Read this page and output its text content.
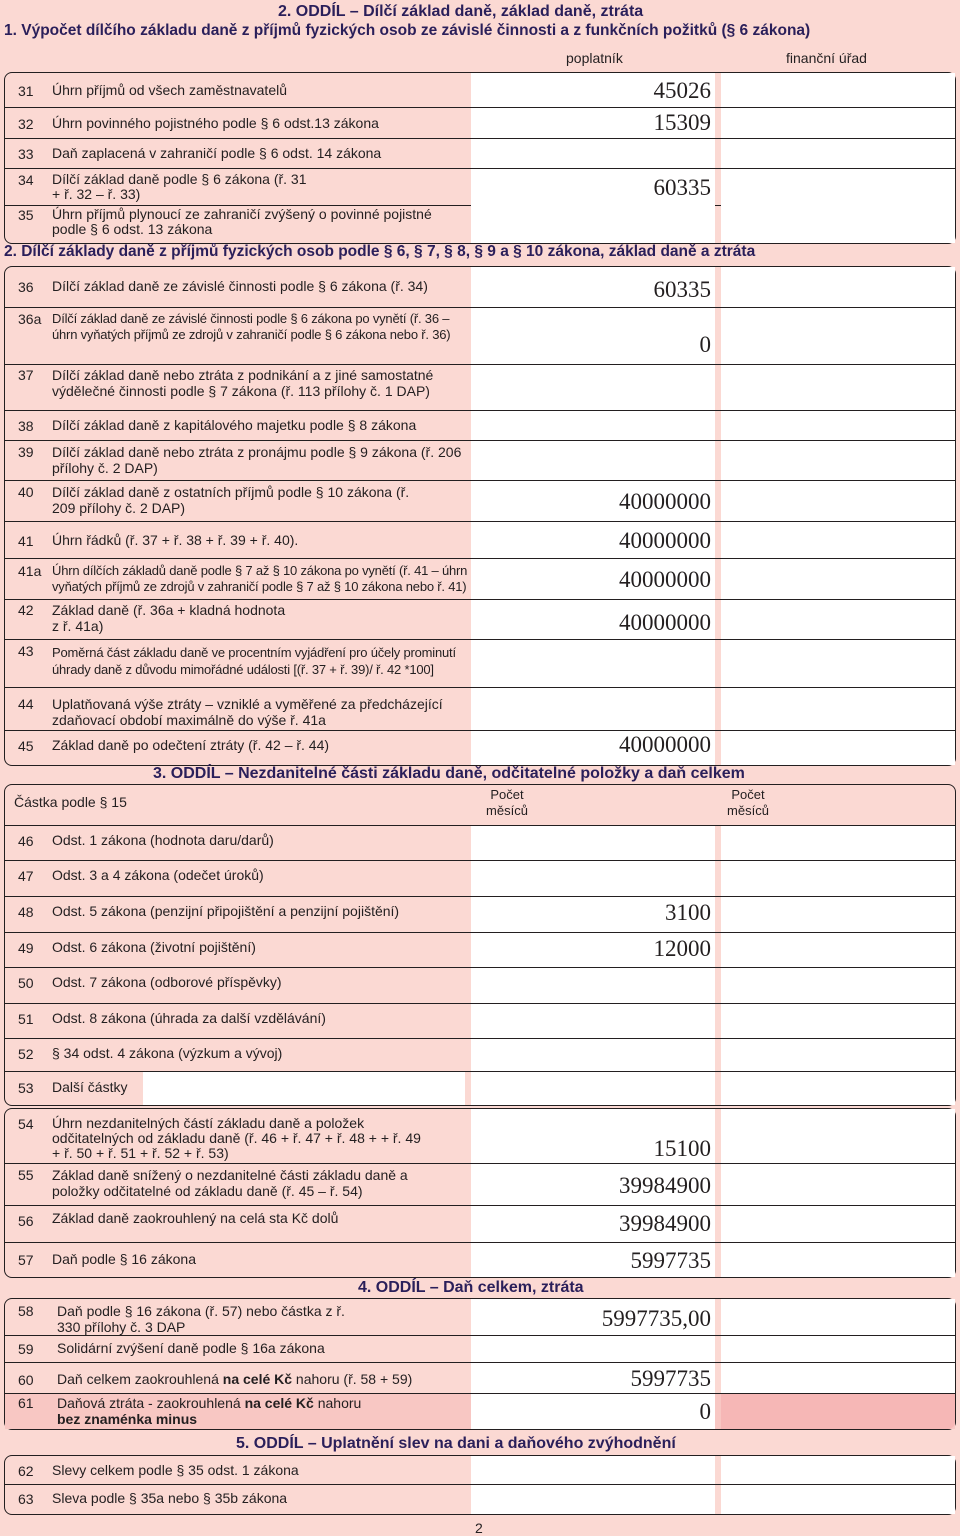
2. ODDÍL – Dílčí základ daně, základ daně, ztráta
1. Výpočet dílčího základu daně z příjmů fyzických osob ze závislé činnosti a z funkčních požitků (§ 6 zákona)
poplatník	finanční úřad
31 Úhrn příjmů od všech zaměstnavatelů
32 Úhrn povinného pojistného podle § 6 odst.13 zákona
33 Daň zaplacená v zahraničí podle § 6 odst. 14 zákona
34 Dílčí základ daně podle § 6 zákona (ř. 31 + ř. 32 – ř. 33)
35 Úhrn příjmů plynoucí ze zahraničí zvýšený o povinné pojistné podle § 6 odst. 13 zákona
45026
15309
60335
2. Dílčí základy daně z příjmů fyzických osob podle § 6, § 7, § 8, § 9 a § 10 zákona, základ daně a ztráta
36 Dílčí základ daně ze závislé činnosti podle § 6 zákona (ř. 34)
36a Dílčí základ daně ze závislé činnosti podle § 6 zákona po vynětí (ř. 36 – úhrn vyňatých příjmů ze zdrojů v zahraničí podle § 6 zákona nebo ř. 36)
37 Dílčí základ daně nebo ztráta z podnikání a z jiné samostatné výdělečné činnosti podle § 7 zákona (ř. 113 přílohy č. 1 DAP)
38 Dílčí základ daně z kapitálového majetku podle § 8 zákona
39 Dílčí základ daně nebo ztráta z pronájmu podle § 9 zákona (ř. 206 přílohy č. 2 DAP)
40 Dílčí základ daně z ostatních příjmů podle § 10 zákona (ř. 209 přílohy č. 2 DAP)
41 Úhrn řádků (ř. 37 + ř. 38 + ř. 39 + ř. 40).
41a Úhrn dílčích základů daně podle § 7 až § 10 zákona po vynětí (ř. 41 – úhrn vyňatých příjmů ze zdrojů v zahraničí podle § 7 až § 10 zákona nebo ř. 41)
42 Základ daně (ř. 36a + kladná hodnota z ř. 41a)
43 Poměrná část základu daně ve procentním vyjádření pro účely prominutí úhrady daně z důvodu mimořádné události [(ř. 37 + ř. 39)/ ř. 42 *100]
44 Uplatňovaná výše ztráty – vzniklé a vyměřené za předcházející zdaňovací období maximálně do výše ř. 41a
45 Základ daně po odečtení ztráty (ř. 42 – ř. 44)
60335
0
40000000
40000000
40000000
40000000
40000000
3. ODDÍL – Nezdanitelné části základu daně, odčitatelné položky a daň celkem
Částka podle § 15	Počet měsíců
Počet měsíců
46 Odst. 1 zákona (hodnota daru/darů)
47 Odst. 3 a 4 zákona (odečet úroků)
48 Odst. 5 zákona (penzijní připojištění a penzijní pojištění)
49 Odst. 6 zákona (životní pojištění)
50 Odst. 7 zákona (odborové příspěvky)
51 Odst. 8 zákona (úhrada za další vzdělávání)
52 § 34 odst. 4 zákona (výzkum a vývoj)
53 Další částky
3100
12000
54 Úhrn nezdanitelných částí základu daně a položek odčitatelných od základu daně (ř. 46 + ř. 47 + ř. 48 + + ř. 49 + ř. 50 + ř. 51 + ř. 52 + ř. 53)
55 Základ daně snížený o nezdanitelné části základu daně a položky odčitatelné od základu daně (ř. 45 – ř. 54)
56 Základ daně zaokrouhlený na celá sta Kč dolů
57 Daň podle § 16 zákona
15100
39984900
39984900
5997735
4. ODDÍL – Daň celkem, ztráta
58 Daň podle § 16 zákona (ř. 57) nebo částka z ř. 330 přílohy č. 3 DAP
59 Solidární zvýšení daně podle § 16a zákona
60 Daň celkem zaokrouhlená na celé Kč nahoru (ř. 58 + 59)
61 Daňová ztráta - zaokrouhlená na celé Kč nahoru
bez znaménka minus
5997735,00
5997735
0
5. ODDÍL – Uplatnění slev na dani a daňového zvýhodnění
62 Slevy celkem podle § 35 odst. 1 zákona
63 Sleva podle § 35a nebo § 35b zákona
2
